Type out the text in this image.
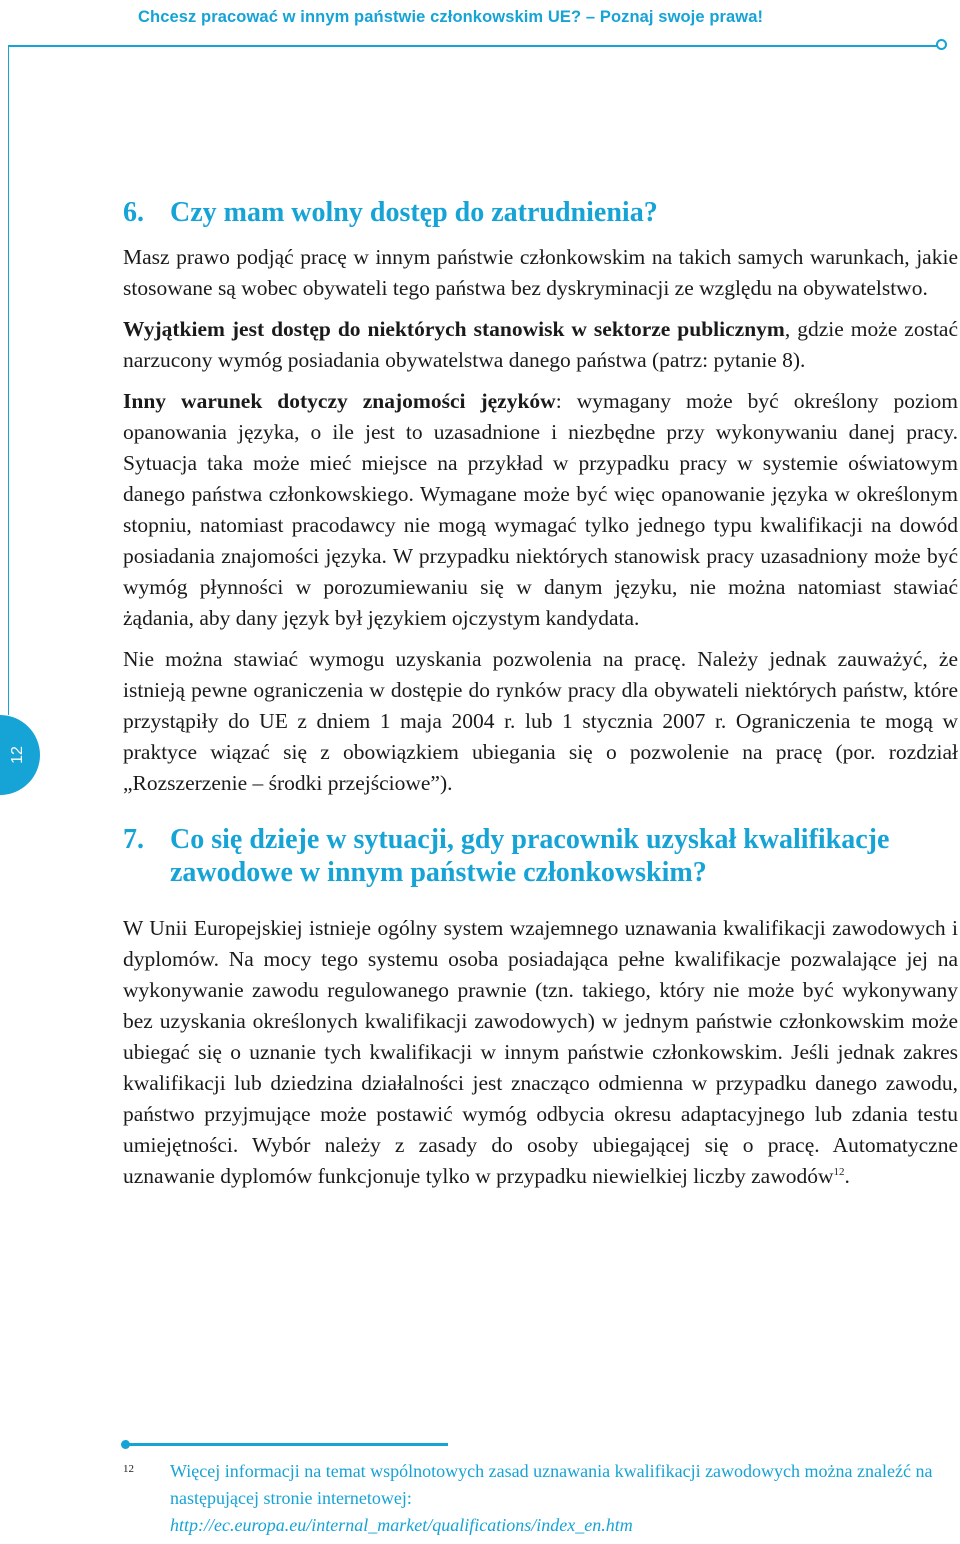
Chcesz pracować w innym państwie członkowskim UE? – Poznaj swoje prawa!
12
6. Czy mam wolny dostęp do zatrudnienia?

Masz prawo podjąć pracę w innym państwie członkowskim na takich samych warunkach, jakie stosowane są wobec obywateli tego państwa bez dyskryminacji ze względu na obywatelstwo.

Wyjątkiem jest dostęp do niektórych stanowisk w sektorze publicznym, gdzie może zostać narzucony wymóg posiadania obywatelstwa danego państwa (patrz: pytanie 8).

Inny warunek dotyczy znajomości języków: wymagany może być określony poziom opanowania języka, o ile jest to uzasadnione i niezbędne przy wykonywaniu danej pracy. Sytuacja taka może mieć miejsce na przykład w przypadku pracy w systemie oświatowym danego państwa członkowskiego. Wymagane może być więc opanowanie języka w określonym stopniu, natomiast pracodawcy nie mogą wymagać tylko jednego typu kwalifikacji na dowód posiadania znajomości języka. W przypadku niektórych stanowisk pracy uzasadniony może być wymóg płynności w porozumiewaniu się w danym języku, nie można natomiast stawiać żądania, aby dany język był językiem ojczystym kandydata.

Nie można stawiać wymogu uzyskania pozwolenia na pracę. Należy jednak zauważyć, że istnieją pewne ograniczenia w dostępie do rynków pracy dla obywateli niektórych państw, które przystąpiły do UE z dniem 1 maja 2004 r. lub 1 stycznia 2007 r. Ograniczenia te mogą w praktyce wiązać się z obowiązkiem ubiegania się o pozwolenie na pracę (por. rozdział „Rozszerzenie – środki przejściowe”).

7. Co się dzieje w sytuacji, gdy pracownik uzyskał kwalifikacje zawodowe w innym państwie członkowskim?

W Unii Europejskiej istnieje ogólny system wzajemnego uznawania kwalifikacji zawodowych i dyplomów. Na mocy tego systemu osoba posiadająca pełne kwalifikacje pozwalające jej na wykonywanie zawodu regulowanego prawnie (tzn. takiego, który nie może być wykonywany bez uzyskania określonych kwalifikacji zawodowych) w jednym państwie członkowskim może ubiegać się o uznanie tych kwalifikacji w innym państwie członkowskim. Jeśli jednak zakres kwalifikacji lub dziedzina działalności jest znacząco odmienna w przypadku danego zawodu, państwo przyjmujące może postawić wymóg odbycia okresu adaptacyjnego lub zdania testu umiejętności. Wybór należy z zasady do osoby ubiegającej się o pracę. Automatyczne uznawanie dyplomów funkcjonuje tylko w przypadku niewielkiej liczby zawodów$^{12}$.

12 Więcej informacji na temat wspólnotowych zasad uznawania kwalifikacji zawodowych można znaleźć na następującej stronie internetowej:
http://ec.europa.eu/internal_market/qualifications/index_en.htm
